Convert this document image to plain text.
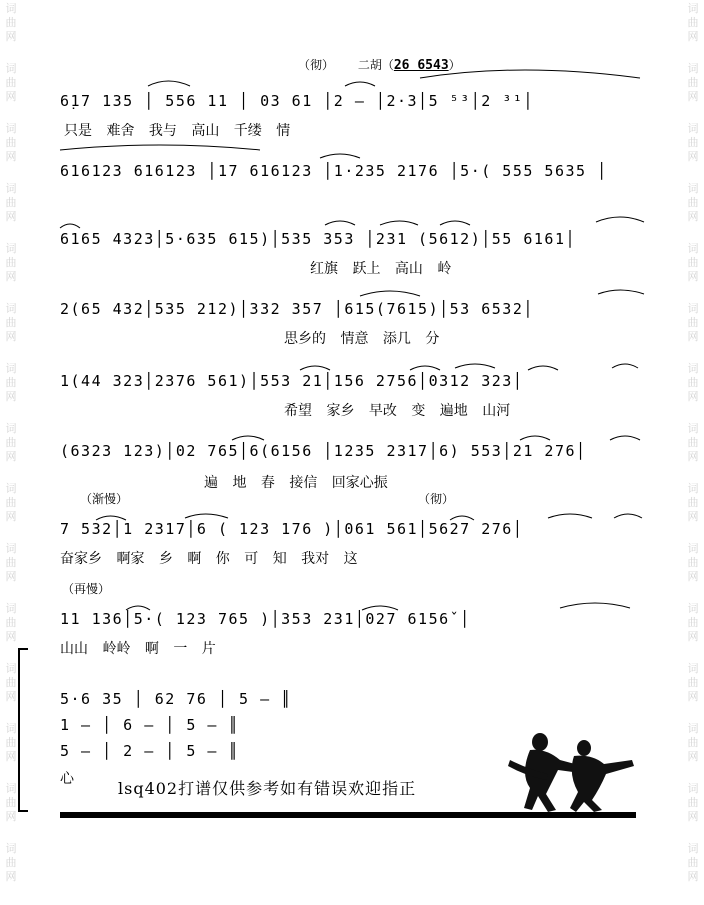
词
曲
网
词
曲
网
词
曲
网
词
曲
网
词
曲
网
词
曲
网
词
曲
网
词
曲
网
词
曲
网
词
曲
网
词
曲
网
词
曲
网
词
曲
网
词
曲
网
词
曲
网
词
曲
网
词
曲
网
词
曲
网
词
曲
网
词
曲
网
词
曲
网
词
曲
网
词
曲
网
词
曲
网
词
曲
网
词
曲
网
词
曲
网
词
曲
网
词
曲
网
词
曲
网
（彻） 二胡（26 6543）
6̣17 135 │ 556 11 │ 03 61 │2 – │2·3│5 ⁵³│2 ³¹│
只是 难舍 我与 高山 千缕 情
616123 616123 │17 616123 │1·235 2176 │5·( 555 5635 │
6165 4323│5·635 615)│535 353 │231 (5612)│55 6161│
红旗 跃上 高山 岭
2(65 432│535 212)│332 357 │615(7615)│53 6532│
思乡的 情意 添几 分
1(44 323│2376 561)│553 21│156 2756│0312 323│
希望 家乡 早改 变 遍地 山河
(6323 123)│02 765│6(6156 │1235 2317│6) 553│21 276│
遍 地 春 接信 回家心振
（渐慢）	（彻）
7 532│1 2317│6 ( 123 176 )│061 561│5627 276│
奋家乡 啊家 乡 啊 你 可 知 我对 这
（再慢）
11 136│5·( 123 765 )│353 231│027 6156ˇ│
山山 岭岭 啊 一 片
5·6 35 │ 62 76 │ 5 – ║
1 – │ 6 – │ 5 – ║
5 – │ 2 – │ 5 – ║
心	lsq402打谱仅供参考如有错误欢迎指正
